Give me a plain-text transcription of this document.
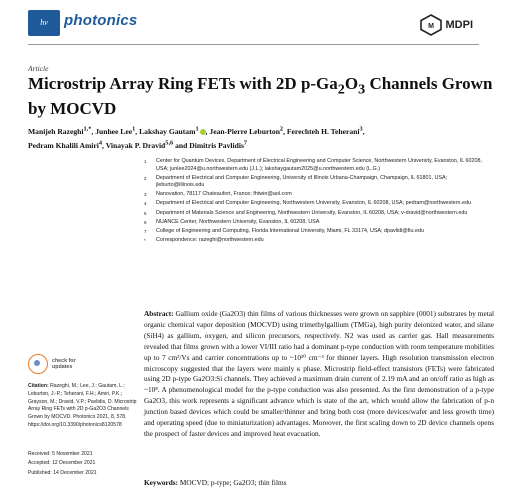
hv	photonics	M MDPI
Article
Microstrip Array Ring FETs with 2D $p-Ga_2O_3$ Channels Grown by MOCVD
Manijeh Razeghi$^{1,*}$, Junhee Lee$^1$, Lakshay Gautam$^1$ , Jean-Pierre Leburton$^2$, Ferechteh H. Teherani$^3$,
Pedram Khalili Amiri$^4$, Vinayak P. Dravid$^{5,6}$ and Dimitris Pavlidis$^7$
1	Center for Quantum Devices, Department of Electrical Engineering and Computer Science, Northwestern University, Evanston, IL 60208, USA; junlee2024@u.northwestern.edu (J.L.); lakshaygautam2025@u.northwestern.edu (L.G.)
2	Department of Electrical and Computer Engineering, University of Illinois Urbana-Champaign, Champaign, IL 61801, USA; jleburto@illinois.edu
3	Nanovation, 78117 Chateaufort, France; fhtwin@aol.com
4	Department of Electrical and Computer Engineering, Northwestern University, Evanston, IL 60208, USA; pedram@northwestern.edu
5	Department of Materials Science and Engineering, Northwestern University, Evanston, IL 60208, USA; v-dravid@northwestern.edu
6	NUANCE Center, Northwestern University, Evanston, IL 60208, USA
7	College of Engineering and Computing, Florida International University, Miami, FL 33174, USA; dpavlidi@fiu.edu
*	Correspondence: razeghi@northwestern.edu
Abstract: Gallium oxide (Ga2O3) thin films of various thicknesses were grown on sapphire (0001) substrates by metal organic chemical vapor deposition (MOCVD) using trimethylgallium (TMGa), high purity deionized water, and silane (SiH4) as gallium, oxygen, and silicon precursors, respectively. N2 was used as carrier gas. Hall measurements revealed that films grown with a lower VI/III ratio had a dominant p-type conduction with room temperature mobilities up to 7 cm²/Vs and carrier concentrations up to ~10²⁰ cm⁻³ for thinner layers. High resolution transmission electron microscopy suggested that the layers were mainly κ phase. Microstrip field-effect transistors (FETs) were fabricated using 2D p-type Ga2O3:Si channels. They achieved a maximum drain current of 2.19 mA and an on/off ratio as high as ~10⁸. A phenomenological model for the p-type conduction was also presented. As the first demonstration of a p-type Ga2O3, this work represents a significant advance which is state of the art, which would allow the fabrication of p-n junction based devices which could be smaller/thinner and bring both cost (more devices/wafer and less growth time) and operating speed (due to miniaturization) advantages. Moreover, the first scaling down to 2D device channels opens the prospect of faster devices and improved heat evacuation.
Keywords: MOCVD; p-type; Ga2O3; thin films
check for
updates
Citation: Razeghi, M.; Lee, J.; Gautam, L.; Leburton, J.-P.; Teherani, F.H.; Amiri, P.K.; Grayson, M.; Dravid, V.P.; Pavlidis, D. Microstrip Array Ring FETs with 2D p-Ga2O3 Channels Grown by MOCVD. Photonics 2021, 8, 578. https://doi.org/10.3390/photonics8120578
Received: 5 November 2021
Accepted: 12 December 2021
Published: 14 December 2021
